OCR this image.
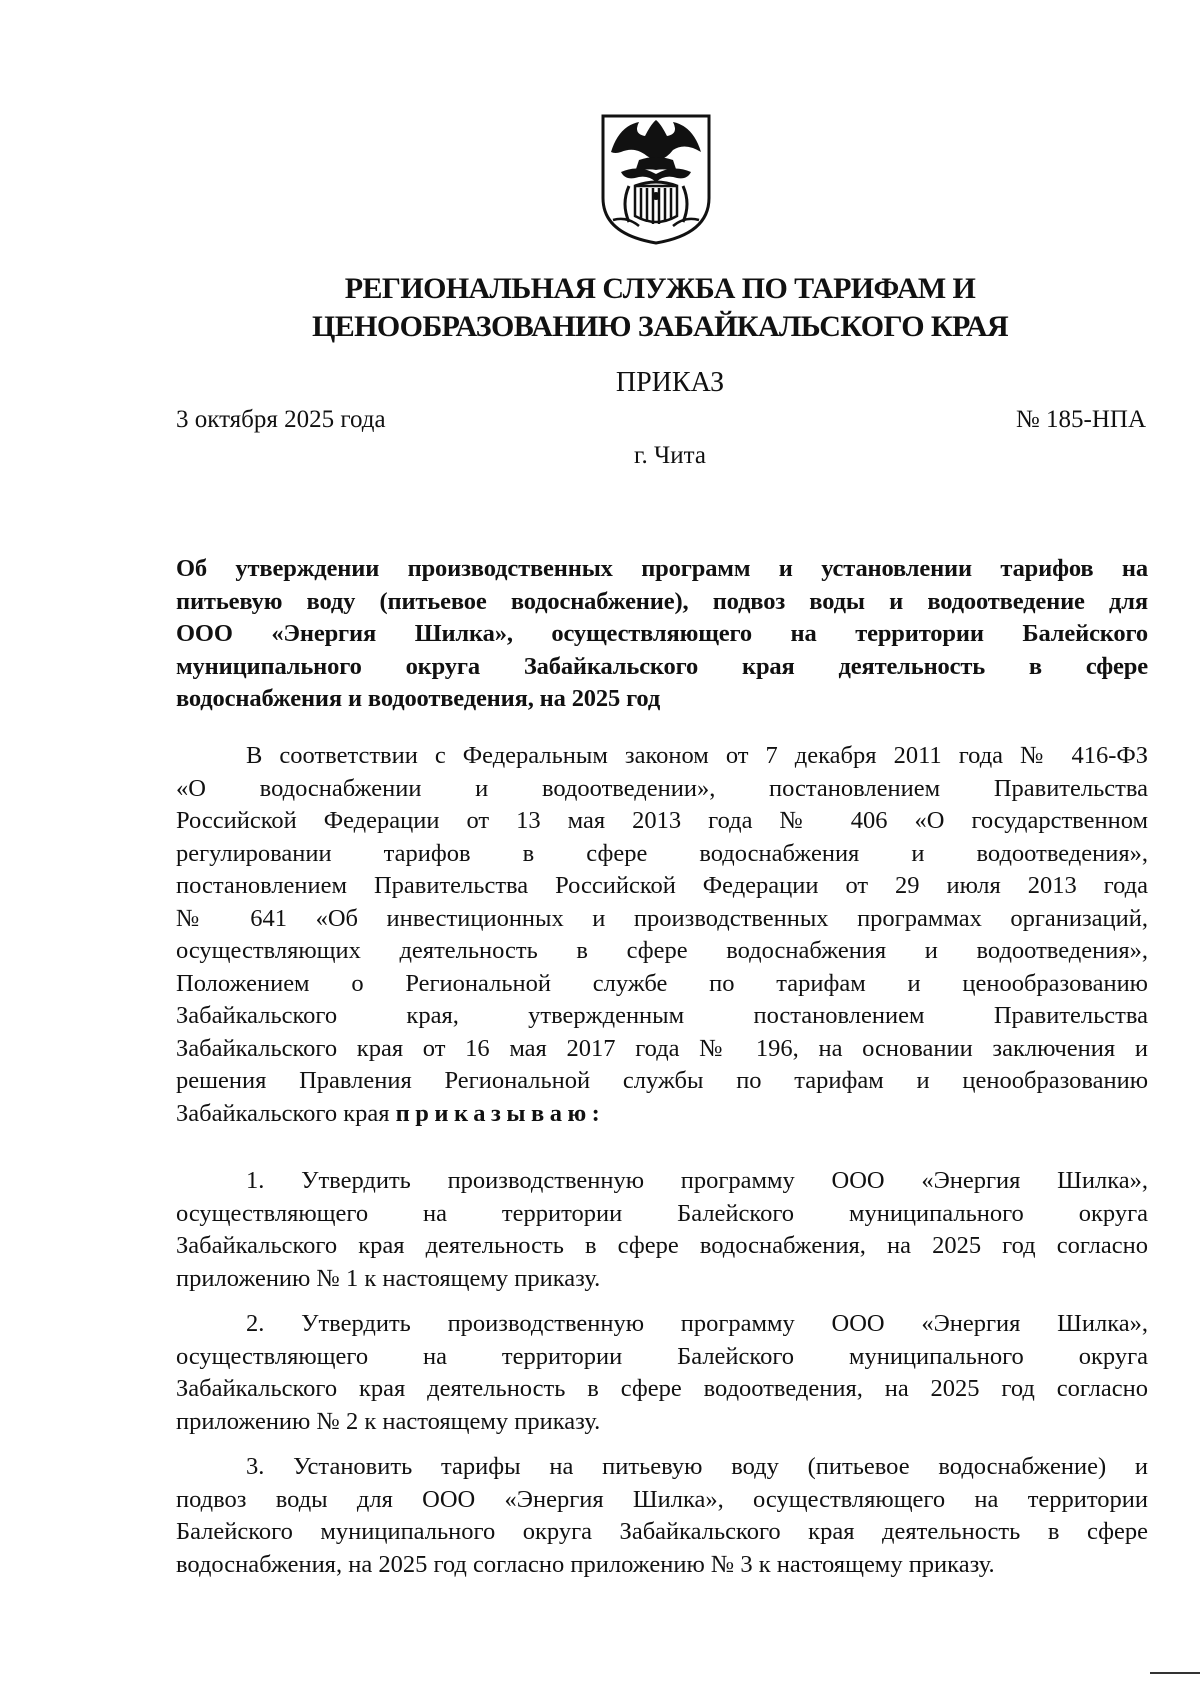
РЕГИОНАЛЬНАЯ СЛУЖБА ПО ТАРИФАМ И
ЦЕНООБРАЗОВАНИЮ ЗАБАЙКАЛЬСКОГО КРАЯ
ПРИКАЗ
3 октября 2025 года	№ 185-НПА
г. Чита
Об утверждении производственных программ и установлении тарифов на
питьевую воду (питьевое водоснабжение), подвоз воды и водоотведение для
ООО «Энергия Шилка», осуществляющего на территории Балейского
муниципального округа Забайкальского края деятельность в сфере
водоснабжения и водоотведения, на 2025 год
В соответствии с Федеральным законом от 7 декабря 2011 года № 416-ФЗ
«О водоснабжении и водоотведении», постановлением Правительства
Российской Федерации от 13 мая 2013 года № 406 «О государственном
регулировании тарифов в сфере водоснабжения и водоотведения»,
постановлением Правительства Российской Федерации от 29 июля 2013 года
№ 641 «Об инвестиционных и производственных программах организаций,
осуществляющих деятельность в сфере водоснабжения и водоотведения»,
Положением о Региональной службе по тарифам и ценообразованию
Забайкальского края, утвержденным постановлением Правительства
Забайкальского края от 16 мая 2017 года № 196, на основании заключения и
решения Правления Региональной службы по тарифам и ценообразованию
Забайкальского края приказываю:
1. Утвердить производственную программу ООО «Энергия Шилка»,
осуществляющего на территории Балейского муниципального округа
Забайкальского края деятельность в сфере водоснабжения, на 2025 год согласно
приложению № 1 к настоящему приказу.
2. Утвердить производственную программу ООО «Энергия Шилка»,
осуществляющего на территории Балейского муниципального округа
Забайкальского края деятельность в сфере водоотведения, на 2025 год согласно
приложению № 2 к настоящему приказу.
3. Установить тарифы на питьевую воду (питьевое водоснабжение) и
подвоз воды для ООО «Энергия Шилка», осуществляющего на территории
Балейского муниципального округа Забайкальского края деятельность в сфере
водоснабжения, на 2025 год согласно приложению № 3 к настоящему приказу.
